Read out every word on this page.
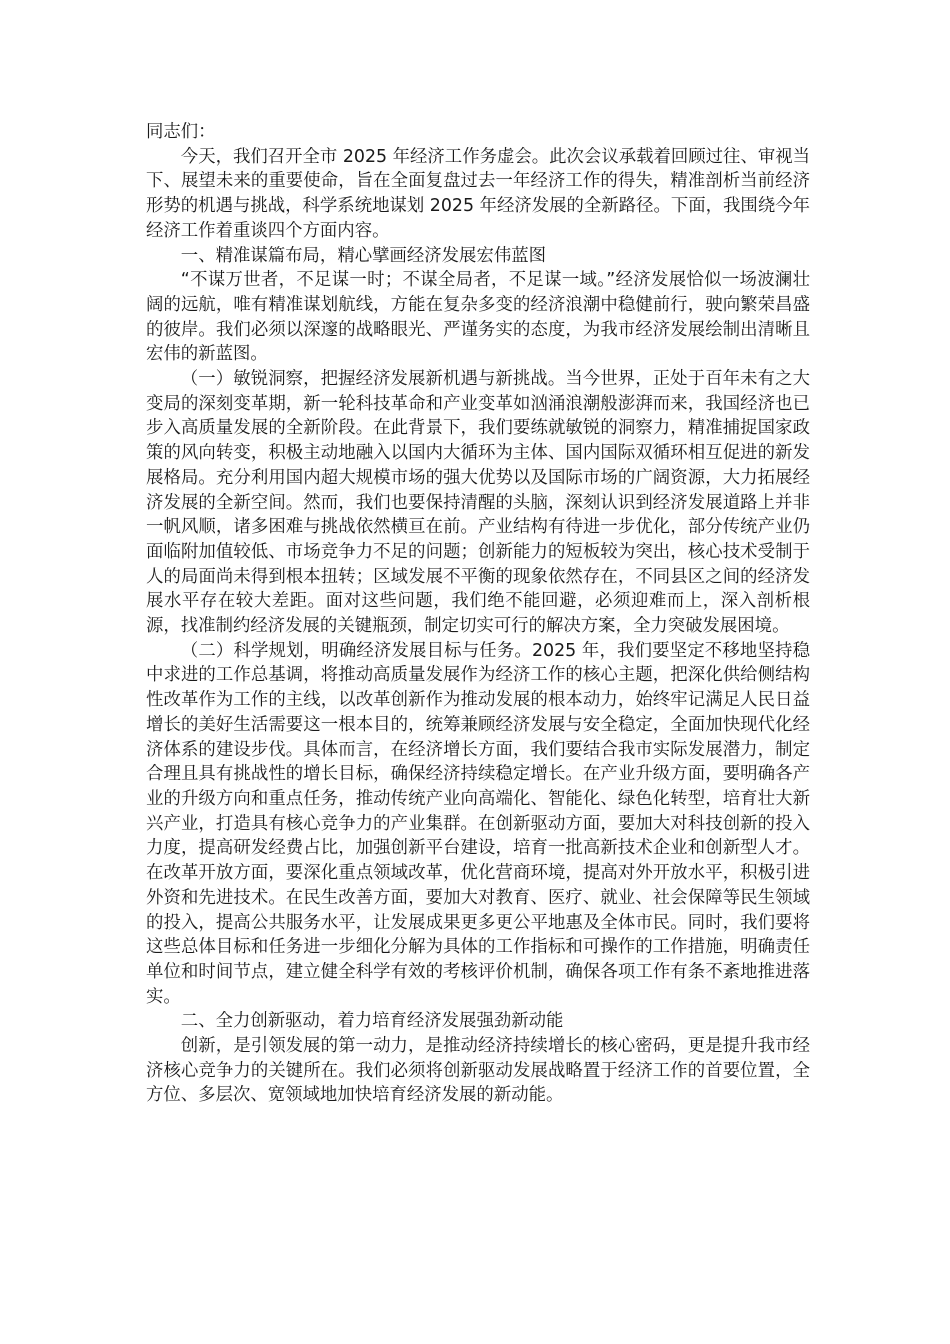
同志们：

今天，我们召开全市 2025 年经济工作务虚会。此次会议承载着回顾过往、审视当下、展望未来的重要使命，旨在全面复盘过去一年经济工作的得失，精准剖析当前经济形势的机遇与挑战，科学系统地谋划 2025 年经济发展的全新路径。下面，我围绕今年经济工作着重谈四个方面内容。

一、精准谋篇布局，精心擘画经济发展宏伟蓝图

“不谋万世者，不足谋一时；不谋全局者，不足谋一域。”经济发展恰似一场波澜壮阔的远航，唯有精准谋划航线，方能在复杂多变的经济浪潮中稳健前行，驶向繁荣昌盛的彼岸。我们必须以深邃的战略眼光、严谨务实的态度，为我市经济发展绘制出清晰且宏伟的新蓝图。

（一）敏锐洞察，把握经济发展新机遇与新挑战。当今世界，正处于百年未有之大变局的深刻变革期，新一轮科技革命和产业变革如汹涌浪潮般澎湃而来，我国经济也已步入高质量发展的全新阶段。在此背景下，我们要练就敏锐的洞察力，精准捕捉国家政策的风向转变，积极主动地融入以国内大循环为主体、国内国际双循环相互促进的新发展格局。充分利用国内超大规模市场的强大优势以及国际市场的广阔资源，大力拓展经济发展的全新空间。然而，我们也要保持清醒的头脑，深刻认识到经济发展道路上并非一帆风顺，诸多困难与挑战依然横亘在前。产业结构有待进一步优化，部分传统产业仍面临附加值较低、市场竞争力不足的问题；创新能力的短板较为突出，核心技术受制于人的局面尚未得到根本扭转；区域发展不平衡的现象依然存在，不同县区之间的经济发展水平存在较大差距。面对这些问题，我们绝不能回避，必须迎难而上，深入剖析根源，找准制约经济发展的关键瓶颈，制定切实可行的解决方案，全力突破发展困境。

（二）科学规划，明确经济发展目标与任务。2025 年，我们要坚定不移地坚持稳中求进的工作总基调，将推动高质量发展作为经济工作的核心主题，把深化供给侧结构性改革作为工作的主线，以改革创新作为推动发展的根本动力，始终牢记满足人民日益增长的美好生活需要这一根本目的，统筹兼顾经济发展与安全稳定，全面加快现代化经济体系的建设步伐。具体而言，在经济增长方面，我们要结合我市实际发展潜力，制定合理且具有挑战性的增长目标，确保经济持续稳定增长。在产业升级方面，要明确各产业的升级方向和重点任务，推动传统产业向高端化、智能化、绿色化转型，培育壮大新兴产业，打造具有核心竞争力的产业集群。在创新驱动方面，要加大对科技创新的投入力度，提高研发经费占比，加强创新平台建设，培育一批高新技术企业和创新型人才。在改革开放方面，要深化重点领域改革，优化营商环境，提高对外开放水平，积极引进外资和先进技术。在民生改善方面，要加大对教育、医疗、就业、社会保障等民生领域的投入，提高公共服务水平，让发展成果更多更公平地惠及全体市民。同时，我们要将这些总体目标和任务进一步细化分解为具体的工作指标和可操作的工作措施，明确责任单位和时间节点，建立健全科学有效的考核评价机制，确保各项工作有条不紊地推进落实。

二、全力创新驱动，着力培育经济发展强劲新动能

创新，是引领发展的第一动力，是推动经济持续增长的核心密码，更是提升我市经济核心竞争力的关键所在。我们必须将创新驱动发展战略置于经济工作的首要位置，全方位、多层次、宽领域地加快培育经济发展的新动能。
